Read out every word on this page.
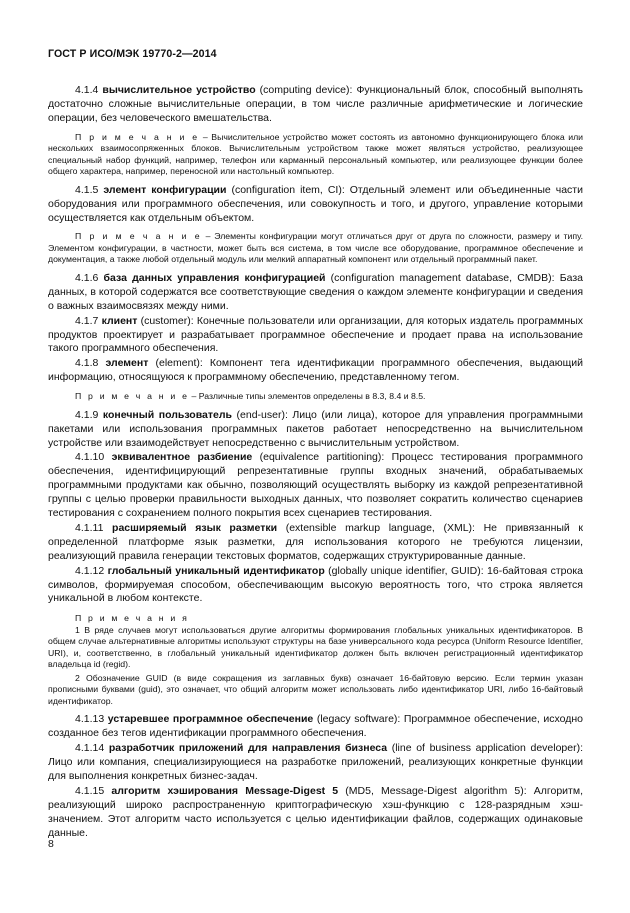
ГОСТ Р ИСО/МЭК 19770-2—2014

4.1.4 вычислительное устройство (computing device): Функциональный блок, способный выполнять достаточно сложные вычислительные операции, в том числе различные арифметические и логические операции, без человеческого вмешательства.

П р и м е ч а н и е – Вычислительное устройство может состоять из автономно функционирующего блока или нескольких взаимосопряженных блоков. Вычислительным устройством также может являться устройство, реализующее специальный набор функций, например, телефон или карманный персональный компьютер, или реализующее функции более общего характера, например, переносной или настольный компьютер.

4.1.5 элемент конфигурации (configuration item, CI): Отдельный элемент или объединенные части оборудования или программного обеспечения, или совокупность и того, и другого, управление которыми осуществляется как отдельным объектом.

П р и м е ч а н и е – Элементы конфигурации могут отличаться друг от друга по сложности, размеру и типу. Элементом конфигурации, в частности, может быть вся система, в том числе все оборудование, программное обеспечение и документация, а также любой отдельный модуль или мелкий аппаратный компонент или отдельный программный пакет.

4.1.6 база данных управления конфигурацией (configuration management database, CMDB): База данных, в которой содержатся все соответствующие сведения о каждом элементе конфигурации и сведения о важных взаимосвязях между ними.

4.1.7 клиент (customer): Конечные пользователи или организации, для которых издатель программных продуктов проектирует и разрабатывает программное обеспечение и продает права на использование такого программного обеспечения.

4.1.8 элемент (element): Компонент тега идентификации программного обеспечения, выдающий информацию, относящуюся к программному обеспечению, представленному тегом.

П р и м е ч а н и е – Различные типы элементов определены в 8.3, 8.4 и 8.5.

4.1.9 конечный пользователь (end-user): Лицо (или лица), которое для управления программными пакетами или использования программных пакетов работает непосредственно на вычислительном устройстве или взаимодействует непосредственно с вычислительным устройством.

4.1.10 эквивалентное разбиение (equivalence partitioning): Процесс тестирования программного обеспечения, идентифицирующий репрезентативные группы входных значений, обрабатываемых программными продуктами как обычно, позволяющий осуществлять выборку из каждой репрезентативной группы с целью проверки правильности выходных данных, что позволяет сократить количество сценариев тестирования с сохранением полного покрытия всех сценариев тестирования.

4.1.11 расширяемый язык разметки (extensible markup language, (XML): Не привязанный к определенной платформе язык разметки, для использования которого не требуются лицензии, реализующий правила генерации текстовых форматов, содержащих структурированные данные.

4.1.12 глобальный уникальный идентификатор (globally unique identifier, GUID): 16-байтовая строка символов, формируемая способом, обеспечивающим высокую вероятность того, что строка является уникальной в любом контексте.

П р и м е ч а н и я

1 В ряде случаев могут использоваться другие алгоритмы формирования глобальных уникальных идентификаторов. В общем случае альтернативные алгоритмы используют структуры на базе универсального кода ресурса (Uniform Resource Identifier, URI), и, соответственно, в глобальный уникальный идентификатор должен быть включен регистрационный идентификатор владельца id (regid).

2 Обозначение GUID (в виде сокращения из заглавных букв) означает 16-байтовую версию. Если термин указан прописными буквами (guid), это означает, что общий алгоритм может использовать либо идентификатор URI, либо 16-байтовый идентификатор.

4.1.13 устаревшее программное обеспечение (legacy software): Программное обеспечение, исходно созданное без тегов идентификации программного обеспечения.

4.1.14 разработчик приложений для направления бизнеса (line of business application developer): Лицо или компания, специализирующиеся на разработке приложений, реализующих конкретные функции для выполнения конкретных бизнес-задач.

4.1.15 алгоритм хэширования Message-Digest 5 (MD5, Message-Digest algorithm 5): Алгоритм, реализующий широко распространенную криптографическую хэш-функцию с 128-разрядным хэш-значением. Этот алгоритм часто используется с целью идентификации файлов, содержащих одинаковые данные.

8
